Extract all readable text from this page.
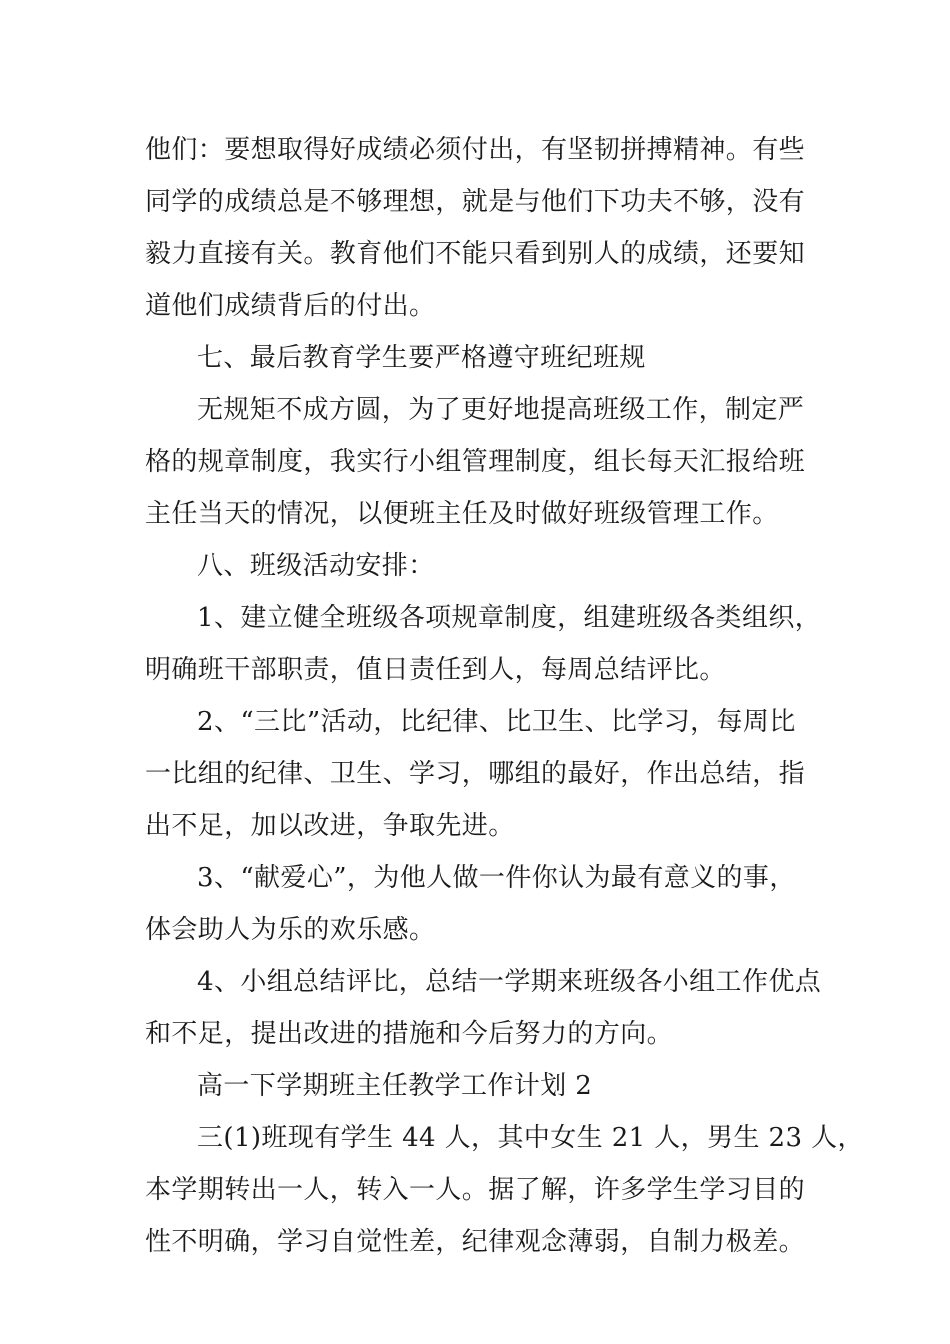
他们：要想取得好成绩必须付出，有坚韧拼搏精神。有些
同学的成绩总是不够理想，就是与他们下功夫不够，没有
毅力直接有关。教育他们不能只看到别人的成绩，还要知
道他们成绩背后的付出。
七、最后教育学生要严格遵守班纪班规
无规矩不成方圆，为了更好地提高班级工作，制定严
格的规章制度，我实行小组管理制度，组长每天汇报给班
主任当天的情况，以便班主任及时做好班级管理工作。
八、班级活动安排：
1、建立健全班级各项规章制度，组建班级各类组织，
明确班干部职责，值日责任到人，每周总结评比。
2、“三比”活动，比纪律、比卫生、比学习，每周比
一比组的纪律、卫生、学习，哪组的最好，作出总结，指
出不足，加以改进，争取先进。
3、“献爱心”，为他人做一件你认为最有意义的事，
体会助人为乐的欢乐感。
4、小组总结评比，总结一学期来班级各小组工作优点
和不足，提出改进的措施和今后努力的方向。
高一下学期班主任教学工作计划 2
三(1)班现有学生 44 人，其中女生 21 人，男生 23 人，
本学期转出一人，转入一人。据了解，许多学生学习目的
性不明确，学习自觉性差，纪律观念薄弱，自制力极差。
